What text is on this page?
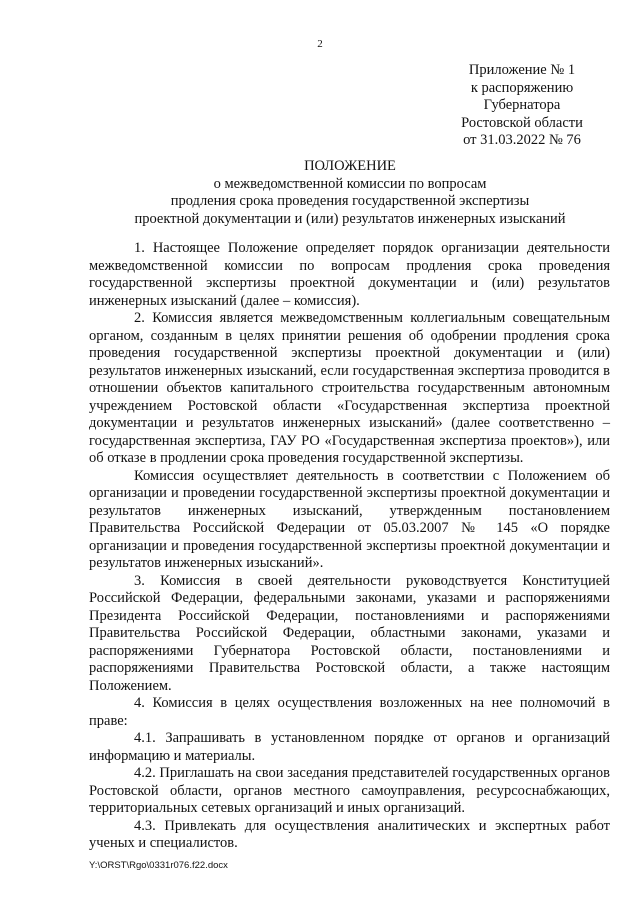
2
Приложение № 1
к распоряжению
Губернатора
Ростовской области
от 31.03.2022 № 76
ПОЛОЖЕНИЕ
о межведомственной комиссии по вопросам
продления срока проведения государственной экспертизы
проектной документации и (или) результатов инженерных изысканий

1. Настоящее Положение определяет порядок организации деятельности межведомственной комиссии по вопросам продления срока проведения государственной экспертизы проектной документации и (или) результатов инженерных изысканий (далее – комиссия).

2. Комиссия является межведомственным коллегиальным совещательным органом, созданным в целях принятии решения об одобрении продления срока проведения государственной экспертизы проектной документации и (или) результатов инженерных изысканий, если государственная экспертиза проводится в отношении объектов капитального строительства государственным автономным учреждением Ростовской области «Государственная экспертиза проектной документации и результатов инженерных изысканий» (далее соответственно – государственная экспертиза, ГАУ РО «Государственная экспертиза проектов»), или об отказе в продлении срока проведения государственной экспертизы.

Комиссия осуществляет деятельность в соответствии с Положением об организации и проведении государственной экспертизы проектной документации и результатов инженерных изысканий, утвержденным постановлением Правительства Российской Федерации от 05.03.2007 № 145 «О порядке организации и проведения государственной экспертизы проектной документации и результатов инженерных изысканий».

3. Комиссия в своей деятельности руководствуется Конституцией Российской Федерации, федеральными законами, указами и распоряжениями Президента Российской Федерации, постановлениями и распоряжениями Правительства Российской Федерации, областными законами, указами и распоряжениями Губернатора Ростовской области, постановлениями и распоряжениями Правительства Ростовской области, а также настоящим Положением.

4. Комиссия в целях осуществления возложенных на нее полномочий в праве:

4.1. Запрашивать в установленном порядке от органов и организаций информацию и материалы.

4.2. Приглашать на свои заседания представителей государственных органов Ростовской области, органов местного самоуправления, ресурсоснабжающих, территориальных сетевых организаций и иных организаций.

4.3. Привлекать для осуществления аналитических и экспертных работ ученых и специалистов.

Y:\ORST\Rgo\0331r076.f22.docx
